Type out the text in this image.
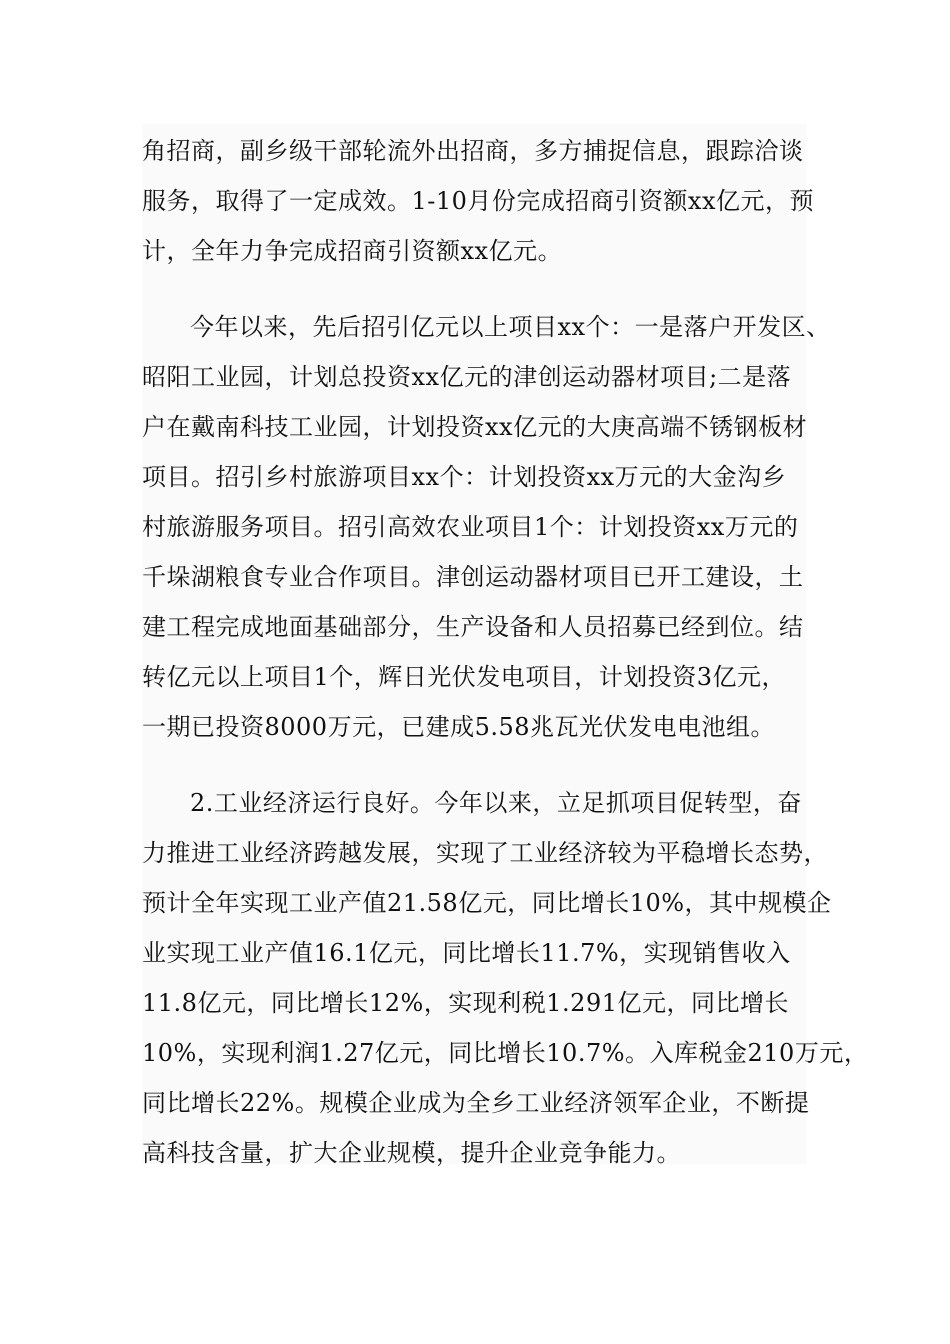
角招商，副乡级干部轮流外出招商，多方捕捉信息，跟踪洽谈
服务，取得了一定成效。1-10月份完成招商引资额xx亿元，预
计，全年力争完成招商引资额xx亿元。
今年以来，先后招引亿元以上项目xx个：一是落户开发区、
昭阳工业园，计划总投资xx亿元的津创运动器材项目;二是落
户在戴南科技工业园，计划投资xx亿元的大庚高端不锈钢板材
项目。招引乡村旅游项目xx个：计划投资xx万元的大金沟乡
村旅游服务项目。招引高效农业项目1个：计划投资xx万元的
千垛湖粮食专业合作项目。津创运动器材项目已开工建设，土
建工程完成地面基础部分，生产设备和人员招募已经到位。结
转亿元以上项目1个，辉日光伏发电项目，计划投资3亿元，
一期已投资8000万元，已建成5.58兆瓦光伏发电电池组。
2.工业经济运行良好。今年以来，立足抓项目促转型，奋
力推进工业经济跨越发展，实现了工业经济较为平稳增长态势，
预计全年实现工业产值21.58亿元，同比增长10%，其中规模企
业实现工业产值16.1亿元，同比增长11.7%，实现销售收入
11.8亿元，同比增长12%，实现利税1.291亿元，同比增长
10%，实现利润1.27亿元，同比增长10.7%。入库税金210万元，
同比增长22%。规模企业成为全乡工业经济领军企业，不断提
高科技含量，扩大企业规模，提升企业竞争能力。
